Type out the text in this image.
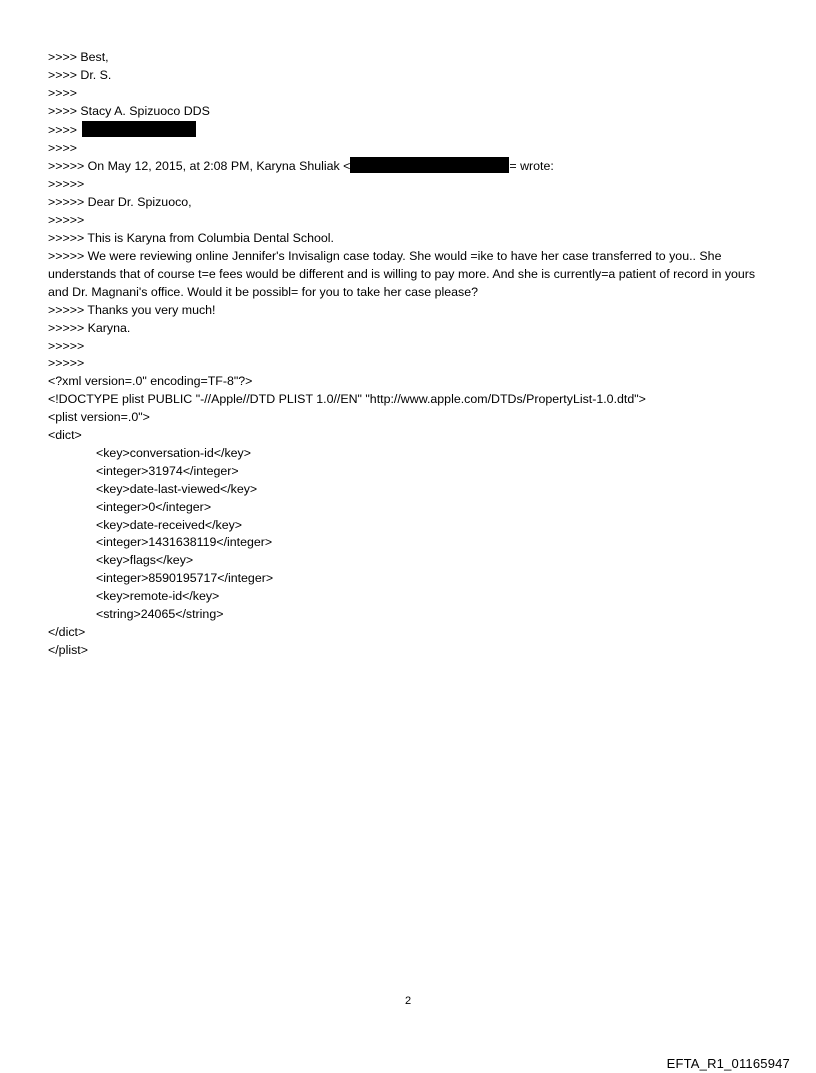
>>>> Best,
>>>> Dr. S.
>>>>
>>>> Stacy A. Spizuoco DDS
>>>>
>>>>
>>>>> On May 12, 2015, at 2:08 PM, Karyna Shuliak <	= wrote:
>>>>>
>>>>> Dear Dr. Spizuoco,
>>>>>
>>>>> This is Karyna from Columbia Dental School.
>>>>> We were reviewing online Jennifer's Invisalign case today. She would =ike to have her case transferred to you.. She understands that of course t=e fees would be different and is willing to pay more. And she is currently=a patient of record in yours and Dr. Magnani's office. Would it be possibl= for you to take her case please?
>>>>> Thanks you very much!
>>>>> Karyna.
>>>>>
>>>>>
<?xml version=.0" encoding=TF-8"?>
<!DOCTYPE plist PUBLIC "-//Apple//DTD PLIST 1.0//EN" "http://www.apple.com/DTDs/PropertyList-1.0.dtd">
<plist version=.0">
<dict>
<key>conversation-id</key>
<integer>31974</integer>
<key>date-last-viewed</key>
<integer>0</integer>
<key>date-received</key>
<integer>1431638119</integer>
<key>flags</key>
<integer>8590195717</integer>
<key>remote-id</key>
<string>24065</string>
</dict>
</plist>
2
EFTA_R1_01165947
